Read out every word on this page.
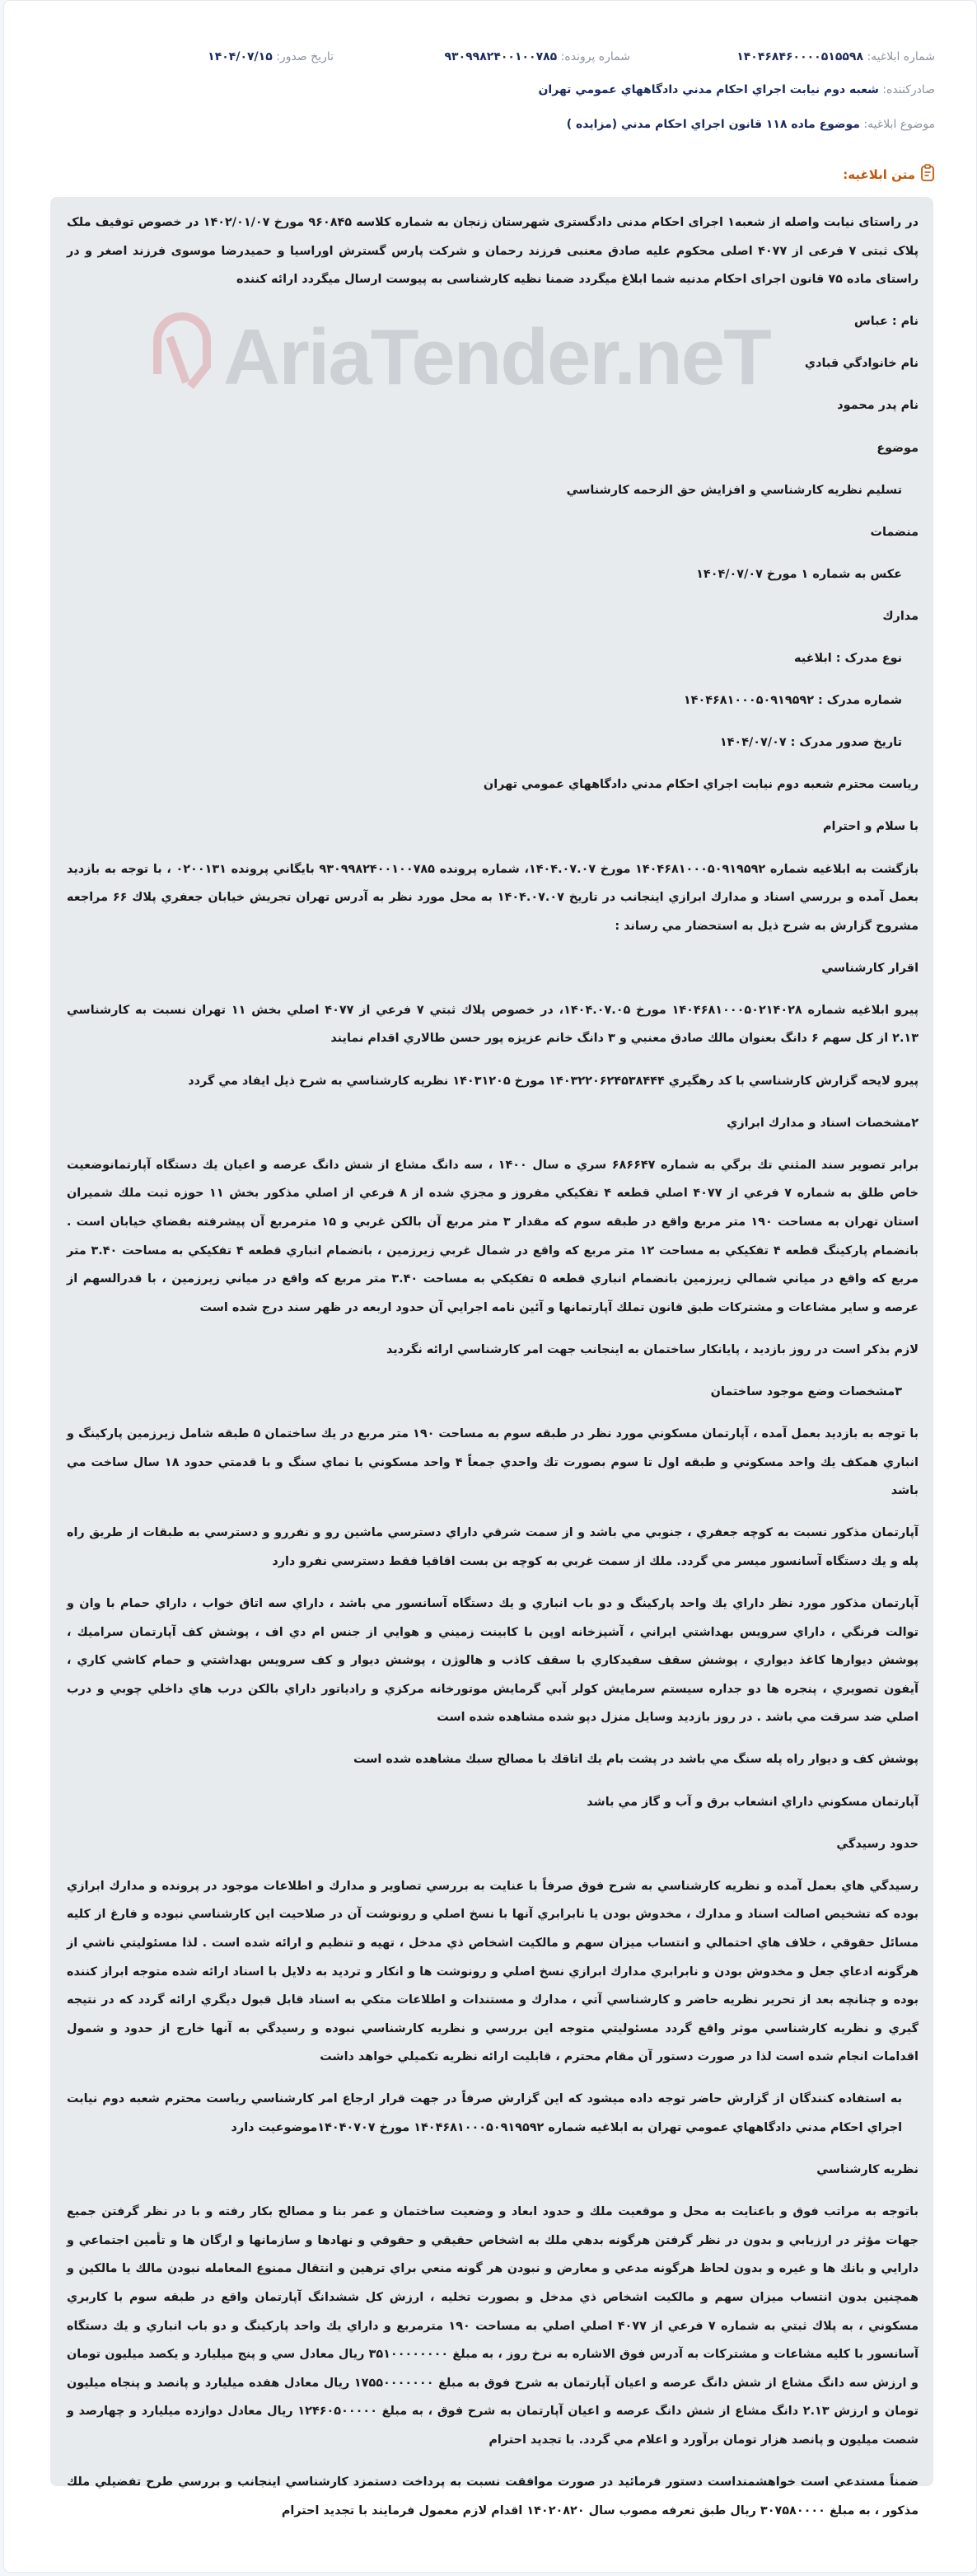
شماره ابلاغيه: ۱۴۰۴۶۸۴۶۰۰۰۰۵۱۵۵۹۸
شماره پرونده: ۹۳۰۹۹۸۲۴۰۰۱۰۰۷۸۵
تاريخ صدور: ۱۴۰۴/۰۷/۱۵
صادرکننده: شعبه دوم نيابت اجراي احکام مدني دادگاههاي عمومي تهران
موضوع ابلاغيه: موضوع ماده ۱۱۸ قانون اجراي احکام مدني (مزايده )
متن ابلاغيه:
AriaTender.neT

در راستای نیابت واصله از شعبه۱ اجرای احکام مدنی دادگستری شهرستان زنجان به شماره کلاسه ۹۶۰۸۴۵ مورخ ۱۴۰۲/۰۱/۰۷ در خصوص توقیف ملک پلاک ثبتی ۷ فرعی از ۴۰۷۷ اصلی محکوم علیه صادق معنبی فرزند رحمان و شرکت پارس گسترش اوراسیا و حمیدرضا موسوی فرزند اصغر و در راستای ماده ۷۵ قانون اجرای احکام مدنیه شما ابلاغ میگردد ضمنا نظیه کارشناسی به پیوست ارسال میگردد ارائه کننده

نام : عباس

نام خانوادگي قبادي

نام پدر محمود

موضوع

تسليم نظريه کارشناسي و افزايش حق الزحمه کارشناسي

منضمات

عکس به شماره ۱ مورخ ۱۴۰۴/۰۷/۰۷

مدارك

نوع مدرک : ابلاغيه

شماره مدرک : ۱۴۰۴۶۸۱۰۰۰۵۰۹۱۹۵۹۲

تاريخ صدور مدرک : ۱۴۰۴/۰۷/۰۷

رياست محترم شعبه دوم نيابت اجراي احكام مدني دادگاههاي عمومي تهران

با سلام و احترام

بازگشت به ابلاغيه شماره ۱۴۰۴۶۸۱۰۰۰۵۰۹۱۹۵۹۲ مورخ ۱۴۰۴.۰۷.۰۷، شماره پرونده ۹۳۰۹۹۸۲۴۰۰۱۰۰۷۸۵ بايگاني پرونده ۰۲۰۰۱۳۱ ، با توجه به بازديد بعمل آمده و بررسي اسناد و مدارك ابرازي اينجانب در تاريخ ۱۴۰۴.۰۷.۰۷ به محل مورد نظر به آدرس تهران تجريش خيابان جعفري پلاك ۶۶ مراجعه مشروح گزارش به شرح ذيل به استحضار مي رساند :

اقرار كارشناسي

پيرو ابلاغيه شماره ۱۴۰۴۶۸۱۰۰۰۵۰۲۱۴۰۲۸ مورخ ۱۴۰۴.۰۷.۰۵، در خصوص پلاك ثبتي ۷ فرعي از ۴۰۷۷ اصلي بخش ۱۱ تهران نسبت به كارشناسي ۲.۱۳ از كل سهم ۶ دانگ بعنوان مالك صادق معنبي و ۳ دانگ خانم عزيزه پور حسن طالاري اقدام نمايند

پيرو لايحه گزارش كارشناسي با كد رهگيري ۱۴۰۳۲۲۰۶۲۴۵۳۸۴۴۴ مورخ ۱۴۰۳۱۲۰۵ نظريه كارشناسي به شرح ذيل ايفاد مي گردد

۲مشخصات اسناد و مدارك ابرازي

برابر تصوير سند المثني تك برگي به شماره ۶۸۶۶۴۷ سري ه سال ۱۴۰۰ ، سه دانگ مشاع از شش دانگ عرصه و اعيان يك دستگاه آپارتمانوضعيت خاص طلق به شماره ۷ فرعي از ۴۰۷۷ اصلي قطعه ۴ تفكيكي مفروز و مجزي شده از ۸ فرعي از اصلي مذكور بخش ۱۱ حوزه ثبت ملك شميران استان تهران به مساحت ۱۹۰ متر مربع واقع در طبقه سوم كه مقدار ۳ متر مربع آن بالكن غربي و ۱۵ مترمربع آن پيشرفته بفضاي خيابان است . بانضمام پاركينگ قطعه ۴ تفكيكي به مساحت ۱۲ متر مربع كه واقع در شمال غربي زيرزمين ، بانضمام انباري قطعه ۴ تفكيكي به مساحت ۳.۴۰ متر مربع كه واقع در مياني شمالي زيرزمين بانضمام انباري قطعه ۵ تفكيكي به مساحت ۳.۴۰ متر مربع كه واقع در مياني زيرزمين ، با قدرالسهم از عرصه و ساير مشاعات و مشتركات طبق قانون تملك آپارتمانها و آئين نامه اجرايي آن حدود اربعه در ظهر سند درج شده است

لازم بذكر است در روز بازديد ، پايانكار ساختمان به اينجانب جهت امر كارشناسي ارائه نگرديد

۳مشخصات وضع موجود ساختمان

با توجه به بازديد بعمل آمده ، آپارتمان مسكوني مورد نظر در طبقه سوم به مساحت ۱۹۰ متر مربع در يك ساختمان ۵ طبقه شامل زيرزمين پاركينگ و انباري همكف يك واحد مسكوني و طبقه اول تا سوم بصورت تك واحدي جمعاً ۴ واحد مسكوني با نماي سنگ و با قدمتي حدود ۱۸ سال ساخت مي باشد

آپارتمان مذكور نسبت به كوچه جعفري ، جنوبي مي باشد و از سمت شرقي داراي دسترسي ماشين رو و نفررو و دسترسي به طبقات از طريق راه پله و يك دستگاه آسانسور ميسر مي گردد. ملك از سمت غربي به كوچه بن بست اقاقيا فقط دسترسي نفرو دارد

آپارتمان مذكور مورد نظر داراي يك واحد پاركينگ و دو باب انباري و يك دستگاه آسانسور مي باشد ، داراي سه اتاق خواب ، داراي حمام با وان و توالت فرنگي ، داراي سرويس بهداشتي ايراني ، آشپزخانه اوپن با كابينت زميني و هوايي از جنس ام دي اف ، پوشش كف آپارتمان سراميك ، پوشش ديوارها كاغذ ديواري ، پوشش سقف سفيدكاري با سقف كاذب و هالوژن ، پوشش ديوار و كف سرويس بهداشتي و حمام كاشي كاري ، آيفون تصويري ، پنجره ها دو جداره سيستم سرمايش كولر آبي گرمايش موتورخانه مركزي و رادياتور داراي بالكن درب هاي داخلي چوبي و درب اصلي ضد سرقت مي باشد . در روز بازديد وسايل منزل دپو شده مشاهده شده است

پوشش كف و ديوار راه پله سنگ مي باشد در پشت بام يك اتاقك با مصالح سبك مشاهده شده است

آپارتمان مسكوني داراي انشعاب برق و آب و گاز مي باشد

حدود رسيدگي

رسيدگي هاي بعمل آمده و نظريه كارشناسي به شرح فوق صرفاً با عنايت به بررسي تصاوير و مدارك و اطلاعات موجود در پرونده و مدارك ابرازي بوده كه تشخيص اصالت اسناد و مدارك ، مخدوش بودن يا نابرابري آنها با نسخ اصلي و رونوشت آن در صلاحيت اين كارشناسي نبوده و فارغ از كليه مسائل حقوقي ، خلاف هاي احتمالي و انتساب ميزان سهم و مالكيت اشخاص ذي مدخل ، تهيه و تنظيم و ارائه شده است . لذا مسئوليتي ناشي از هرگونه ادعاي جعل و مخدوش بودن و نابرابري مدارك ابرازي نسخ اصلي و رونوشت ها و انكار و ترديد به دلايل با اسناد ارائه شده متوجه ابراز كننده بوده و چنانچه بعد از تحرير نظريه حاضر و كارشناسي آتي ، مدارك و مستندات و اطلاعات متكي به اسناد قابل قبول ديگري ارائه گردد كه در نتيجه گيري و نظريه كارشناسي موثر واقع گردد مسئوليتي متوجه اين بررسي و نظريه كارشناسي نبوده و رسيدگي به آنها خارج از حدود و شمول اقدامات انجام شده است لذا در صورت دستور آن مقام محترم ، قابليت ارائه نظريه تكميلي خواهد داشت

به استفاده كنندگان از گزارش حاضر توجه داده ميشود كه اين گزارش صرفاً در جهت قرار ارجاع امر كارشناسي رياست محترم شعبه دوم نيابت اجراي احكام مدني دادگاههاي عمومي تهران به ابلاغيه شماره ۱۴۰۴۶۸۱۰۰۰۵۰۹۱۹۵۹۲ مورخ ۱۴۰۴۰۷۰۷موضوعيت دارد

نظريه كارشناسي

باتوجه به مراتب فوق و باعنايت به محل و موقعيت ملك و حدود ابعاد و وضعيت ساختمان و عمر بنا و مصالح بكار رفته و با در نظر گرفتن جميع جهات مؤثر در ارزيابي و بدون در نظر گرفتن هرگونه بدهي ملك به اشخاص حقيقي و حقوقي و نهادها و سازمانها و ارگان ها و تأمين اجتماعي و دارايي و بانك ها و غيره و بدون لحاظ هرگونه مدعي و معارض و نبودن هر گونه منعي براي ترهين و انتقال ممنوع المعامله نبودن مالك يا مالكين و همچنين بدون انتساب ميزان سهم و مالكيت اشخاص ذي مدخل و بصورت تخليه ، ارزش كل ششدانگ آپارتمان واقع در طبقه سوم با كاربري مسكوني ، به پلاك ثبتي به شماره ۷ فرعي از ۴۰۷۷ اصلي اصلي به مساحت ۱۹۰ مترمربع و داراي يك واحد پاركينگ و دو باب انباري و يك دستگاه آسانسور با كليه مشاعات و مشتركات به آدرس فوق الاشاره به نرخ روز ، به مبلغ ۳۵۱۰۰۰۰۰۰۰۰ ريال معادل سي و پنج ميليارد و يكصد ميليون تومان و ارزش سه دانگ مشاع از شش دانگ عرصه و اعيان آپارتمان به شرح فوق به مبلغ ۱۷۵۵۰۰۰۰۰۰۰ ريال معادل هفده ميليارد و پانصد و پنجاه ميليون تومان و ارزش ۲.۱۳ دانگ مشاع از شش دانگ عرصه و اعيان آپارتمان به شرح فوق ، به مبلغ ۱۲۴۶۰۵۰۰۰۰۰ ريال معادل دوازده ميليارد و چهارصد و شصت ميليون و پانصد هزار تومان برآورد و اعلام مي گردد. با تجديد احترام

ضمناً مستدعي است خواهشمنداست دستور فرمائيد در صورت موافقت نسبت به پرداخت دستمزد كارشناسي اينجانب و بررسي طرح تفضيلي ملك مذكور ، به مبلغ ۳۰۷۵۸۰۰۰۰ ريال طبق تعرفه مصوب سال ۱۴۰۲۰۸۲۰ اقدام لازم معمول فرمايند با تجديد احترام
